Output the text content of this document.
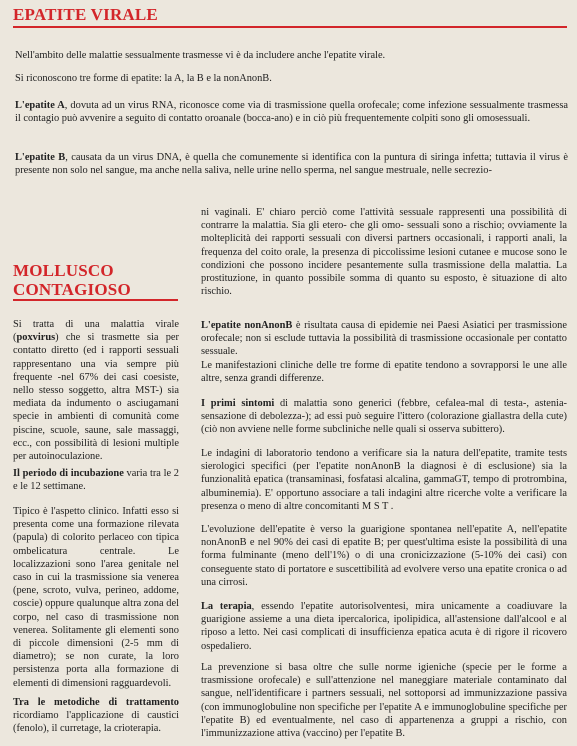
EPATITE VIRALE

Nell'ambito delle malattie sessualmente trasmesse vi è da includere anche l'epatite virale.

Si riconoscono tre forme di epatite: la A, la B e la nonAnonB.

L'epatite A, dovuta ad un virus RNA, riconosce come via di trasmissione quella orofecale; come infezione sessualmente trasmessa il contagio può avvenire a seguito di contatto oroanale (bocca-ano) e in ciò più frequentemente colpiti sono gli omosessuali.

L'epatite B, causata da un virus DNA, è quella che comunemente si identifica con la puntura di siringa infetta; tuttavia il virus è presente non solo nel sangue, ma anche nella saliva, nelle urine nello sperma, nel sangue mestruale, nelle secrezio-

MOLLUSCO
CONTAGIOSO

Si tratta di una malattia virale (poxvirus) che si trasmette sia per contatto diretto (ed i rapporti sessuali rappresentano una via sempre più frequente -nel 67% dei casi coesiste, nello stesso soggetto, altra MST-) sia mediata da indumento o asciugamani specie in ambienti di comunità come piscine, scuole, saune, sale massaggi, ecc., con possibilità di lesioni multiple per autoinoculazione.

Il periodo di incubazione varia tra le 2 e le 12 settimane.

Tipico è l'aspetto clinico. Infatti esso si presenta come una formazione rilevata (papula) di colorito perlaceo con tipica ombelicatura centrale. Le localizzazioni sono l'area genitale nel caso in cui la trasmissione sia venerea (pene, scroto, vulva, perineo, addome, coscie) oppure qualunque altra zona del corpo, nel caso di trasmissione non venerea. Solitamente gli elementi sono di piccole dimensioni (2-5 mm di diametro); se non curate, la loro persistenza porta alla formazione di elementi di dimensioni ragguardevoli.

Tra le metodiche di trattamento ricordiamo l'applicazione di caustici (fenolo), il curretage, la crioterapia.

ni vaginali. E' chiaro perciò come l'attività sessuale rappresenti una possibilità di contrarre la malattia. Sia gli etero- che gli omo- sessuali sono a rischio; ovviamente la molteplicità dei rapporti sessuali con diversi partners occasionali, i rapporti anali, la frequenza del coito orale, la presenza di piccolissime lesioni cutanee e mucose sono le condizioni che possono incidere pesantemente sulla trasmissione della malattia. La prostituzione, in quanto possibile somma di quanto su esposto, è situazione di alto rischio.

L'epatite nonAnonB è risultata causa di epidemie nei Paesi Asiatici per trasmissione orofecale; non si esclude tuttavia la possibilità di trasmissione occasionale per contatto sessuale.

Le manifestazioni cliniche delle tre forme di epatite tendono a sovrapporsi le une alle altre, senza grandi differenze.

I primi sintomi di malattia sono generici (febbre, cefalea-mal di testa-, astenia-sensazione di debolezza-); ad essi può seguire l'ittero (colorazione giallastra della cute) (ciò non avviene nelle forme subcliniche nelle quali si osserva subittero).

Le indagini di laboratorio tendono a verificare sia la natura dell'epatite, tramite tests sierologici specifici (per l'epatite nonAnonB la diagnosi è di esclusione) sia la funzionalità epatica (transaminasi, fosfatasi alcalina, gammaGT, tempo di protrombina, albuminemia). E' opportuno associare a tali indagini altre ricerche volte a verificare la presenza o meno di altre concomitanti M S T .

L'evoluzione dell'epatite è verso la guarigione spontanea nell'epatite A, nell'epatite nonAnonB e nel 90% dei casi di epatite B; per quest'ultima esiste la possibilità di una forma fulminante (meno dell'1%) o di una cronicizzazione (5-10% dei casi) con conseguente stato di portatore e suscettibilità ad evolvere verso una epatite cronica o ad una cirrosi.

La terapia, essendo l'epatite autorisolventesi, mira unicamente a coadiuvare la guarigione assieme a una dieta ipercalorica, ipolipidica, all'astensione dall'alcool e al riposo a letto. Nei casi complicati di insufficienza epatica acuta è di rigore il ricovero ospedaliero.

La prevenzione si basa oltre che sulle norme igieniche (specie per le forme a trasmissione orofecale) e sull'attenzione nel maneggiare materiale contaminato dal sangue, nell'identificare i partners sessuali, nel sottoporsi ad immunizzazione passiva (con immunoglobuline non specifiche per l'epatite A e immunoglobuline specifiche per l'epatite B) ed eventualmente, nel caso di appartenenza a gruppi a rischio, con l'immunizzazione attiva (vaccino) per l'epatite B.
